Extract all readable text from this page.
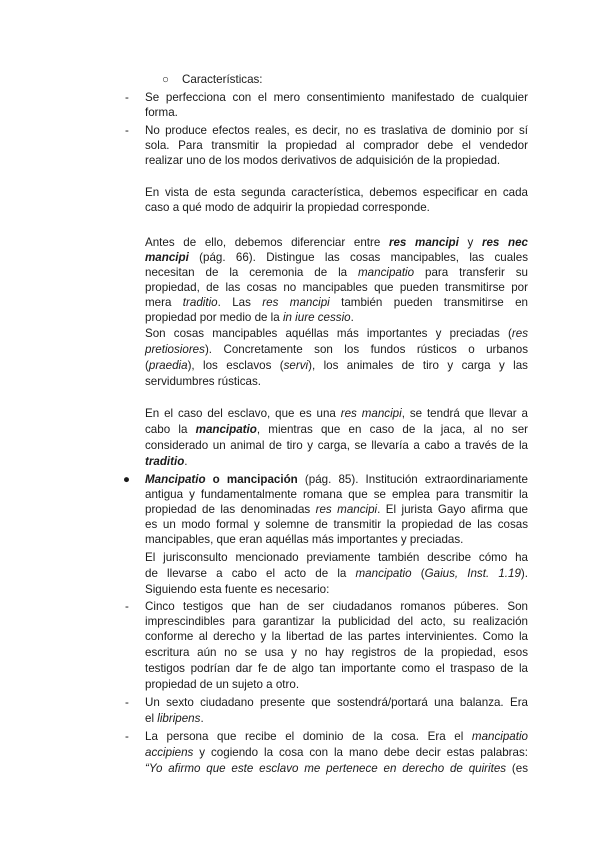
○ Características:
- Se perfecciona con el mero consentimiento manifestado de cualquier
forma.
- No produce efectos reales, es decir, no es traslativa de dominio por sí
sola. Para transmitir la propiedad al comprador debe el vendedor
realizar uno de los modos derivativos de adquisición de la propiedad.
En vista de esta segunda característica, debemos especificar en cada
caso a qué modo de adquirir la propiedad corresponde.
Antes de ello, debemos diferenciar entre res mancipi y res nec
mancipi (pág. 66). Distingue las cosas mancipables, las cuales
necesitan de la ceremonia de la mancipatio para transferir su
propiedad, de las cosas no mancipables que pueden transmitirse por
mera traditio. Las res mancipi también pueden transmitirse en
propiedad por medio de la in iure cessio.
Son cosas mancipables aquéllas más importantes y preciadas (res
pretiosiores). Concretamente son los fundos rústicos o urbanos
(praedia), los esclavos (servi), los animales de tiro y carga y las
servidumbres rústicas.
En el caso del esclavo, que es una res mancipi, se tendrá que llevar a
cabo la mancipatio, mientras que en caso de la jaca, al no ser
considerado un animal de tiro y carga, se llevaría a cabo a través de la
traditio.
● Mancipatio o mancipación (pág. 85). Institución extraordinariamente
antigua y fundamentalmente romana que se emplea para transmitir la
propiedad de las denominadas res mancipi. El jurista Gayo afirma que
es un modo formal y solemne de transmitir la propiedad de las cosas
mancipables, que eran aquéllas más importantes y preciadas.
El jurisconsulto mencionado previamente también describe cómo ha
de llevarse a cabo el acto de la mancipatio (Gaius, Inst. 1.19).
Siguiendo esta fuente es necesario:
- Cinco testigos que han de ser ciudadanos romanos púberes. Son
imprescindibles para garantizar la publicidad del acto, su realización
conforme al derecho y la libertad de las partes intervinientes. Como la
escritura aún no se usa y no hay registros de la propiedad, esos
testigos podrían dar fe de algo tan importante como el traspaso de la
propiedad de un sujeto a otro.
- Un sexto ciudadano presente que sostendrá/portará una balanza. Era
el libripens.
- La persona que recibe el dominio de la cosa. Era el mancipatio
accipiens y cogiendo la cosa con la mano debe decir estas palabras:
“Yo afirmo que este esclavo me pertenece en derecho de quirites (es
